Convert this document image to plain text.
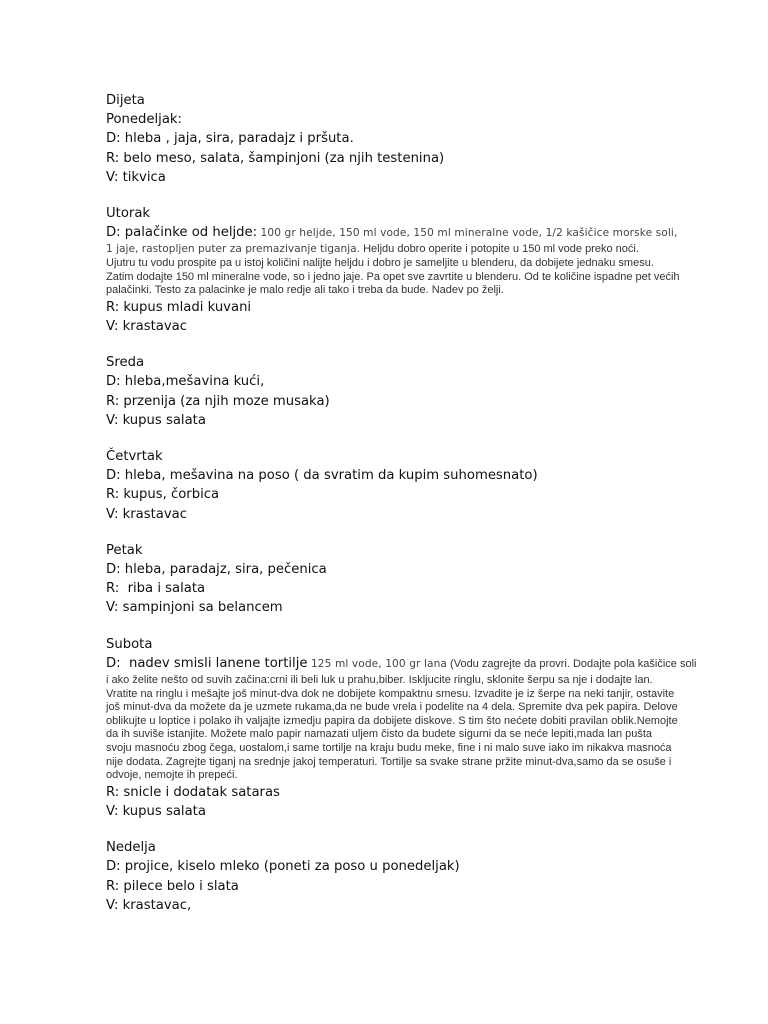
Dijeta
Ponedeljak:
D: hleba , jaja, sira, paradajz i pršuta.
R: belo meso, salata, šampinjoni (za njih testenina)
V: tikvica
Utorak
D: palačinke od heljde: 100 gr heljde, 150 ml vode, 150 ml mineralne vode, 1/2 kašičice morske soli,
1 jaje, rastopljen puter za premazivanje tiganja. Heljdu dobro operite i potopite u 150 ml vode preko noći.
Ujutru tu vodu prospite pa u istoj količini nalijte heljdu i dobro je sameljite u blenderu, da dobijete jednaku smesu.
Zatim dodajte 150 ml mineralne vode, so i jedno jaje. Pa opet sve zavrtite u blenderu. Od te količine ispadne pet većih
palačinki. Testo za palacinke je malo redje ali tako i treba da bude. Nadev po želji.
R: kupus mladi kuvani
V: krastavac
Sreda
D: hleba,mešavina kući,
R: przenija (za njih moze musaka)
V: kupus salata
Četvrtak
D: hleba, mešavina na poso ( da svratim da kupim suhomesnato)
R: kupus, čorbica
V: krastavac
Petak
D: hleba, paradajz, sira, pečenica
R:  riba i salata
V: sampinjoni sa belancem
Subota
D:  nadev smisli lanene tortilje 125 ml vode, 100 gr lana (Vodu zagrejte da provri. Dodajte pola kašičice soli
i ako želite nešto od suvih začina:crni ili beli luk u prahu,biber. Iskljucite ringlu, sklonite šerpu sa nje i dodajte lan.
Vratite na ringlu i mešajte još minut-dva dok ne dobijete kompaktnu smesu. Izvadite je iz šerpe na neki tanjir, ostavite
još minut-dva da možete da je uzmete rukama,da ne bude vrela i podelite na 4 dela. Spremite dva pek papira. Delove
oblikujte u loptice i polako ih valjajte izmedju papira da dobijete diskove. S tim što nećete dobiti pravilan oblik.Nemojte
da ih suviše istanjite. Možete malo papir namazati uljem čisto da budete sigurni da se neće lepiti,mada lan pušta
svoju masnoću zbog čega, uostalom,i same tortilje na kraju budu meke, fine i ni malo suve iako im nikakva masnoća
nije dodata. Zagrejte tiganj na srednje jakoj temperaturi. Tortilje sa svake strane pržite minut-dva,samo da se osuše i
odvoje, nemojte ih prepeći.
R: snicle i dodatak sataras
V: kupus salata
Nedelja
D: projice, kiselo mleko (poneti za poso u ponedeljak)
R: pilece belo i slata
V: krastavac,
